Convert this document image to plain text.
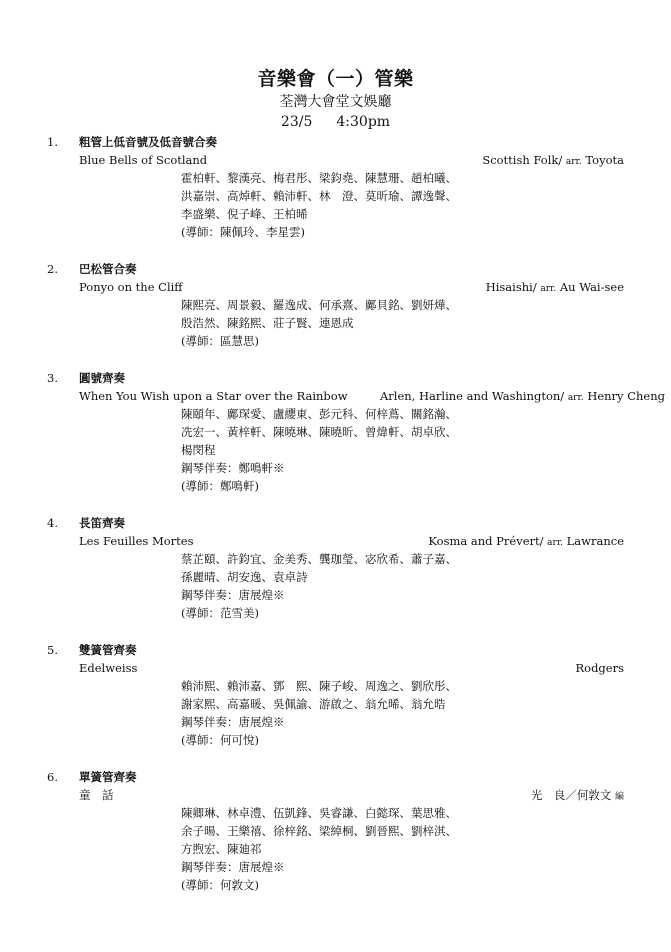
音樂會（一）管樂
荃灣大會堂文娛廳
23/5 4:30pm
1. 粗管上低音號及低音號合奏
Blue Bells of Scotland	Scottish Folk/ arr. Toyota
霍柏軒、黎漢亮、梅君彤、梁鈞堯、陳慧珊、趙柏曦、
洪嘉崇、高焯軒、賴沛軒、林　澄、莫昕瑜、譚逸聲、
李盛樂、倪子峰、王柏晞
(導師：陳佩玲、李星雲)
2. 巴松管合奏
Ponyo on the Cliff	Hisaishi/ arr. Au Wai-see
陳熙亮、周景毅、羅逸成、何承熹、鄺貝銘、劉妍燁、
殷浩然、陳銘熙、莊子賢、連恩成
(導師：區慧思)
3. 圓號齊奏
When You Wish upon a Star over the Rainbow	Arlen, Harline and Washington/ arr. Henry Cheng
陳頤年、鄺琛愛、盧纓東、彭元科、何梓蔦、關銘瀚、
冼宏一、黃梓軒、陳曉琳、陳曉昕、曾煒軒、胡卓欣、
楊閔程
鋼琴伴奏：鄭鳴軒※
(導師：鄭鳴軒)
4. 長笛齊奏
Les Feuilles Mortes	Kosma and Prévert/ arr. Lawrance
蔡芷頤、許鈞宜、金美秀、龔珈瑩、宓欣希、蕭子嘉、
孫麗晴、胡安逸、袁卓詩
鋼琴伴奏：唐展煌※
(導師：范雪美)
5. 雙簧管齊奏
Edelweiss	Rodgers
賴沛熙、賴沛嘉、鄧　熙、陳子峻、周逸之、劉欣彤、
謝家熙、高嘉暖、吳佩諭、游啟之、翁允晞、翁允晧
鋼琴伴奏：唐展煌※
(導師：何可悅)
6. 單簧管齊奏
童　話	光　良／何敦文 編
陳卿琳、林卓澧、伍凱鋒、吳睿謙、白懿琛、葉思雅、
余子暘、王樂禧、徐梓銘、梁綽桐、劉晉熙、劉梓淇、
方煦宏、陳廸祁
鋼琴伴奏：唐展煌※
(導師：何敦文)
